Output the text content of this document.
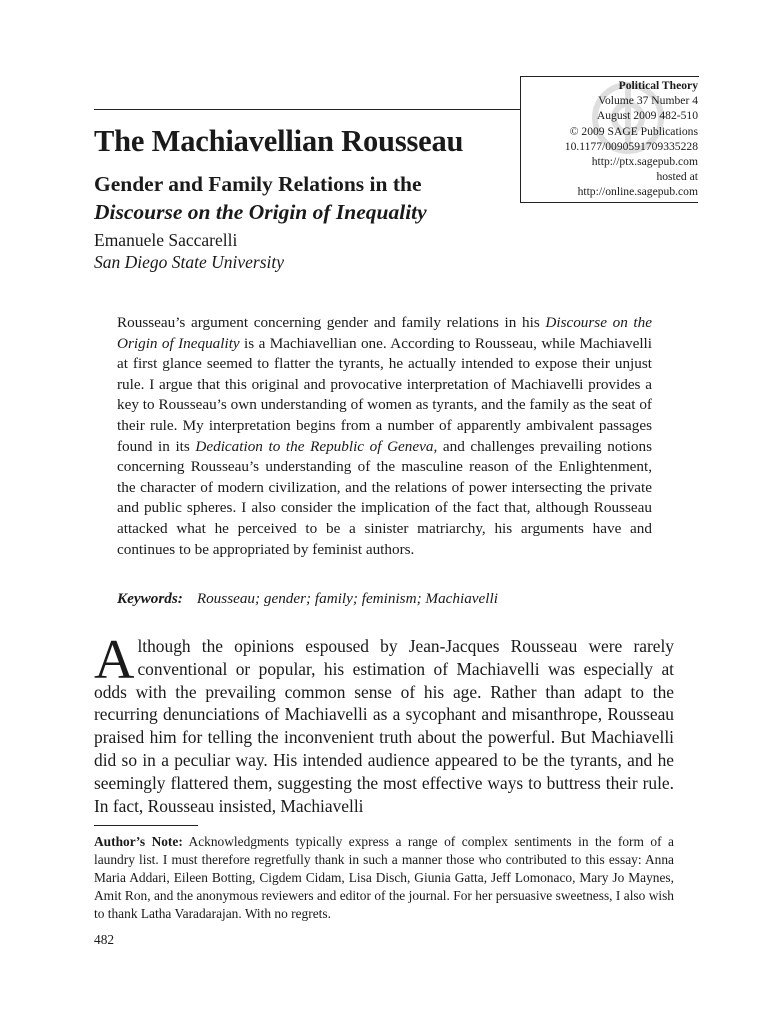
Political Theory
Volume 37 Number 4
August 2009 482-510
© 2009 SAGE Publications
10.1177/0090591709335228
http://ptx.sagepub.com
hosted at
http://online.sagepub.com
The Machiavellian Rousseau
Gender and Family Relations in the
Discourse on the Origin of Inequality
Emanuele Saccarelli
San Diego State University
Rousseau’s argument concerning gender and family relations in his Discourse on the Origin of Inequality is a Machiavellian one. According to Rousseau, while Machiavelli at first glance seemed to flatter the tyrants, he actually intended to expose their unjust rule. I argue that this original and provocative interpretation of Machiavelli provides a key to Rousseau’s own understanding of women as tyrants, and the family as the seat of their rule. My interpretation begins from a number of apparently ambivalent passages found in its Dedication to the Republic of Geneva, and challenges prevailing notions concerning Rousseau’s understanding of the masculine reason of the Enlightenment, the character of modern civilization, and the relations of power intersecting the private and public spheres. I also consider the implication of the fact that, although Rousseau attacked what he perceived to be a sinister matriarchy, his arguments have and continues to be appropriated by feminist authors.
Keywords: Rousseau; gender; family; feminism; Machiavelli
Although the opinions espoused by Jean-Jacques Rousseau were rarely conventional or popular, his estimation of Machiavelli was especially at odds with the prevailing common sense of his age. Rather than adapt to the recurring denunciations of Machiavelli as a sycophant and misanthrope, Rousseau praised him for telling the inconvenient truth about the powerful. But Machiavelli did so in a peculiar way. His intended audience appeared to be the tyrants, and he seemingly flattered them, suggesting the most effective ways to buttress their rule. In fact, Rousseau insisted, Machiavelli
Author’s Note: Acknowledgments typically express a range of complex sentiments in the form of a laundry list. I must therefore regretfully thank in such a manner those who contributed to this essay: Anna Maria Addari, Eileen Botting, Cigdem Cidam, Lisa Disch, Giunia Gatta, Jeff Lomonaco, Mary Jo Maynes, Amit Ron, and the anonymous reviewers and editor of the journal. For her persuasive sweetness, I also wish to thank Latha Varadarajan. With no regrets.
482
